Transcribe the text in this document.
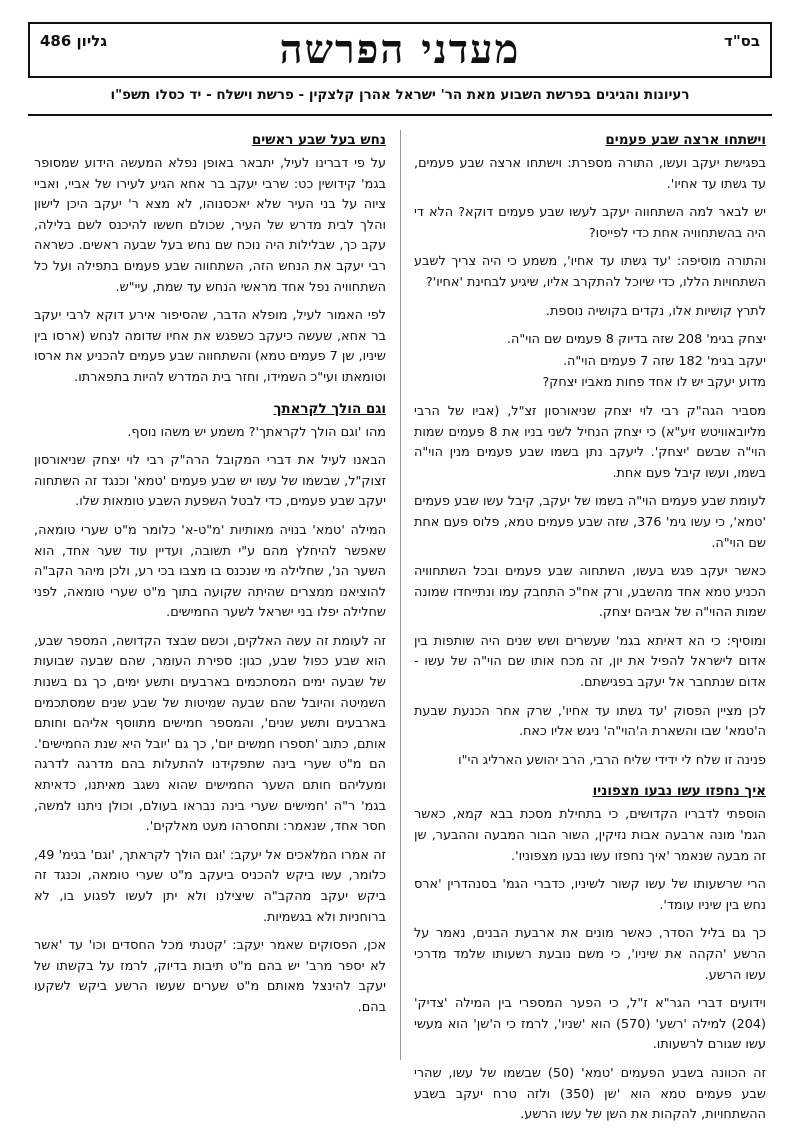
בס"ד
מעדני הפרשה
גליון 486
רעיונות והגיגים בפרשת השבוע מאת הר' ישראל אהרן קלצקין - פרשת וישלח - יד כסלו תשפ"ו
וישתחו ארצה שבע פעמים

בפגישת יעקב ועשו, התורה מספרת: וישתחו ארצה שבע פעמים, עד גשתו עד אחיו'.

יש לבאר למה השתחווה יעקב לעשו שבע פעמים דוקא? הלא די היה בהשתחוויה אחת כדי לפייסו?

והתורה מוסיפה: 'עד גשתו עד אחיו', משמע כי היה צריך לשבע השתחויות הללו, כדי שיוכל להתקרב אליו, שיגיע לבחינת 'אחיו'?

לתרץ קושיות אלו, נקדים בקושיה נוספת.

יצחק בגימ' 208 שזה בדיוק 8 פעמים שם הוי"ה.

יעקב בגימ' 182 שזה 7 פעמים הוי"ה.

מדוע יעקב יש לו אחד פחות מאביו יצחק?

מסביר הגה"ק רבי לוי יצחק שניאורסון זצ"ל, (אביו של הרבי מליובאוויטש זיע"א) כי יצחק הנחיל לשני בניו את 8 פעמים שמות הוי"ה שבשם 'יצחק'. ליעקב נתן בשמו שבע פעמים מנין הוי"ה בשמו, ועשו קיבל פעם אחת.

לעומת שבע פעמים הוי"ה בשמו של יעקב, קיבל עשו שבע פעמים 'טמא', כי עשו גימ' 376, שזה שבע פעמים טמא, פלוס פעם אחת שם הוי"ה.

כאשר יעקב פגש בעשו, השתחוה שבע פעמים ובכל השתחוויה הכניע טמא אחד מהשבע, ורק אח"כ התחבק עמו ונתייחדו שמונה שמות ההוי"ה של אביהם יצחק.

ומוסיף: כי הא דאיתא בגמ' שעשרים ושש שנים היה שותפות בין אדום לישראל להפיל את יון, זה מכח אותו שם הוי"ה של עשו - אדום שנתחבר אל יעקב בפגישתם.

לכן מציין הפסוק 'עד גשתו עד אחיו', שרק אחר הכנעת שבעת ה'טמא' שבו והשארת ה'הוי"ה' ניגש אליו כאח.

פנינה זו שלח לי ידידי שליח הרבי, הרב יהושע הארליג הי"ו

איך נחפזו עשו נבעו מצפוניו

הוספתי לדבריו הקדושים, כי בתחילת מסכת בבא קמא, כאשר הגמ' מונה ארבעה אבות נזיקין, השור הבור המבעה וההבער, שן זה מבעה שנאמר 'איך נחפזו עשו נבעו מצפוניו'.

הרי שרשעותו של עשו קשור לשיניו, כדברי הגמ' בסנהדרין 'ארס נחש בין שיניו עומד'.

כך גם בליל הסדר, כאשר מונים את ארבעת הבנים, נאמר על הרשע 'הקהה את שיניו', כי משם נובעת רשעותו שלמד מדרכי עשו הרשע.

וידועים דברי הגר"א ז"ל, כי הפער המספרי בין המילה 'צדיק' (204) למילה 'רשע' (570) הוא 'שניו', לרמז כי ה'שן' הוא מעשי עשו שגורם לרשעותו.

זה הכוונה בשבע הפעמים 'טמא' (50) שבשמו של עשו, שהרי שבע פעמים טמא הוא 'שן (350) ולזה טרח יעקב בשבע ההשתחויות, להקהות את השן של עשו הרשע.

נחש בעל שבע ראשים

על פי דברינו לעיל, יתבאר באופן נפלא המעשה הידוע שמסופר בגמ' קידושין כט: שרבי יעקב בר אחא הגיע לעירו של אביי, ואביי ציוה על בני העיר שלא יאכסנוהו, לא מצא ר' יעקב היכן לישון והלך לבית מדרש של העיר, שכולם חששו להיכנס לשם בלילה, עקב כך, שבלילות היה נוכח שם נחש בעל שבעה ראשים. כשראה רבי יעקב את הנחש הזה, השתחווה שבע פעמים בתפילה ועל כל השתחוויה נפל אחד מראשי הנחש עד שמת, עיי"ש.

לפי האמור לעיל, מופלא הדבר, שהסיפור אירע דוקא לרבי יעקב בר אחא, שעשה כיעקב כשפגש את אחיו שדומה לנחש (ארסו בין שיניו, שן 7 פעמים טמא) והשתחווה שבע פעמים להכניע את ארסו וטומאתו ועי"כ השמידו, וחזר בית המדרש להיות בתפארתו.

וגם הולך לקראתך

מהו 'וגם הולך לקראתך'? משמע יש משהו נוסף.

הבאנו לעיל את דברי המקובל הרה"ק רבי לוי יצחק שניאורסון זצוק"ל, שבשמו של עשו יש שבע פעמים 'טמא' וכנגד זה השתחוה יעקב שבע פעמים, כדי לבטל השפעת השבע טומאות שלו.

המילה 'טמא' בנויה מאותיות 'מ"ט-א' כלומר מ"ט שערי טומאה, שאפשר להיחלץ מהם ע"י תשובה, ועדיין עוד שער אחד, הוא השער הנ', שחלילה מי שנכנס בו מצבו בכי רע, ולכן מיהר הקב"ה להוציאנו ממצרים שהיתה שקועה בתוך מ"ט שערי טומאה, לפני שחלילה יפלו בני ישראל לשער החמישים.

זה לעומת זה עשה האלקים, וכשם שבצד הקדושה, המספר שבע, הוא שבע כפול שבע, כגון: ספירת העומר, שהם שבעה שבועות של שבעה ימים המסתכמים בארבעים ותשע ימים, כך גם בשנות השמיטה והיובל שהם שבעה שמיטות של שבע שנים שמסתכמים בארבעים ותשע שנים', והמספר חמישים מתווסף אליהם וחותם אותם, כתוב 'תספרו חמשים יום', כך גם 'יובל היא שנת החמישים'. הם מ"ט שערי בינה שתפקידנו להתעלות בהם מדרגה לדרגה ומעליהם חותם השער החמישים שהוא נשגב מאיתנו, כדאיתא בגמ' ר"ה 'חמישים שערי בינה נבראו בעולם, וכולן ניתנו למשה, חסר אחד, שנאמר: ותחסרהו מעט מאלקים'.

זה אמרו המלאכים אל יעקב: 'וגם הולך לקראתך, 'וגם' בגימ' 49, כלומר, עשו ביקש להכניס ביעקב מ"ט שערי טומאה, וכנגד זה ביקש יעקב מהקב"ה שיצילנו ולא יתן לעשו לפגוע בו, לא ברוחניות ולא בגשמיות.

אכן, הפסוקים שאמר יעקב: 'קטנתי מכל החסדים וכו' עד 'אשר לא יספר מרב' יש בהם מ"ט תיבות בדיוק, לרמז על בקשתו של יעקב להינצל מאותם מ"ט שערים שעשו הרשע ביקש לשקעו בהם.
